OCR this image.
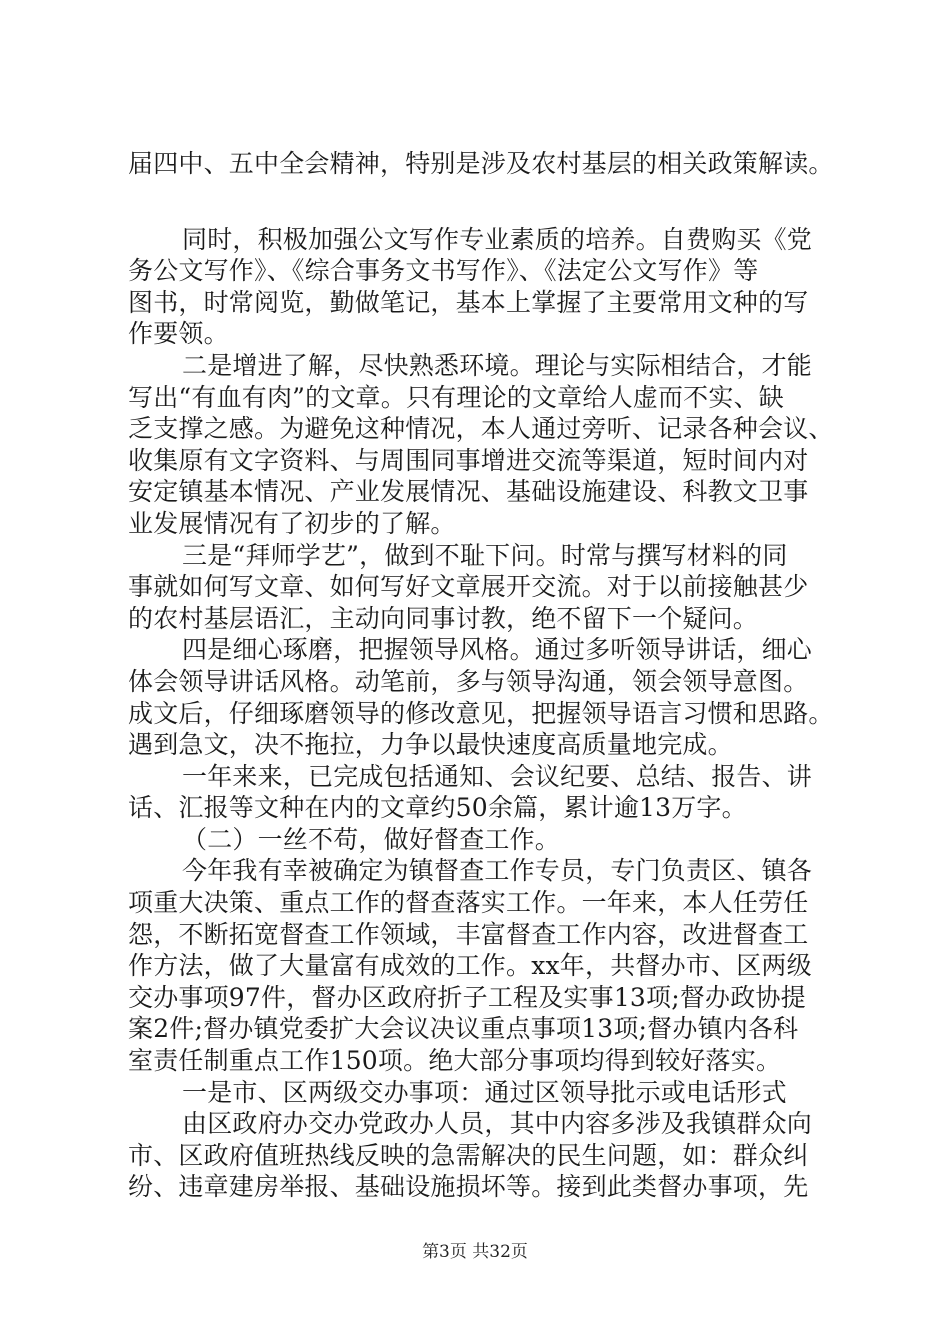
届四中、五中全会精神，特别是涉及农村基层的相关政策解读。
同时，积极加强公文写作专业素质的培养。自费购买《党
务公文写作》、《综合事务文书写作》、《法定公文写作》等
图书，时常阅览，勤做笔记，基本上掌握了主要常用文种的写
作要领。
二是增进了解，尽快熟悉环境。理论与实际相结合，才能
写出“有血有肉”的文章。只有理论的文章给人虚而不实、缺
乏支撑之感。为避免这种情况，本人通过旁听、记录各种会议、
收集原有文字资料、与周围同事增进交流等渠道，短时间内对
安定镇基本情况、产业发展情况、基础设施建设、科教文卫事
业发展情况有了初步的了解。
三是“拜师学艺”，做到不耻下问。时常与撰写材料的同
事就如何写文章、如何写好文章展开交流。对于以前接触甚少
的农村基层语汇，主动向同事讨教，绝不留下一个疑问。
四是细心琢磨，把握领导风格。通过多听领导讲话，细心
体会领导讲话风格。动笔前，多与领导沟通，领会领导意图。
成文后，仔细琢磨领导的修改意见，把握领导语言习惯和思路。
遇到急文，决不拖拉，力争以最快速度高质量地完成。
一年来来，已完成包括通知、会议纪要、总结、报告、讲
话、汇报等文种在内的文章约50余篇，累计逾13万字。
（二）一丝不苟，做好督查工作。
今年我有幸被确定为镇督查工作专员，专门负责区、镇各
项重大决策、重点工作的督查落实工作。一年来，本人任劳任
怨，不断拓宽督查工作领域，丰富督查工作内容，改进督查工
作方法，做了大量富有成效的工作。xx年，共督办市、区两级
交办事项97件，督办区政府折子工程及实事13项;督办政协提
案2件;督办镇党委扩大会议决议重点事项13项;督办镇内各科
室责任制重点工作150项。绝大部分事项均得到较好落实。
一是市、区两级交办事项：通过区领导批示或电话形式
由区政府办交办党政办人员，其中内容多涉及我镇群众向
市、区政府值班热线反映的急需解决的民生问题，如：群众纠
纷、违章建房举报、基础设施损坏等。接到此类督办事项，先
第3页 共32页
